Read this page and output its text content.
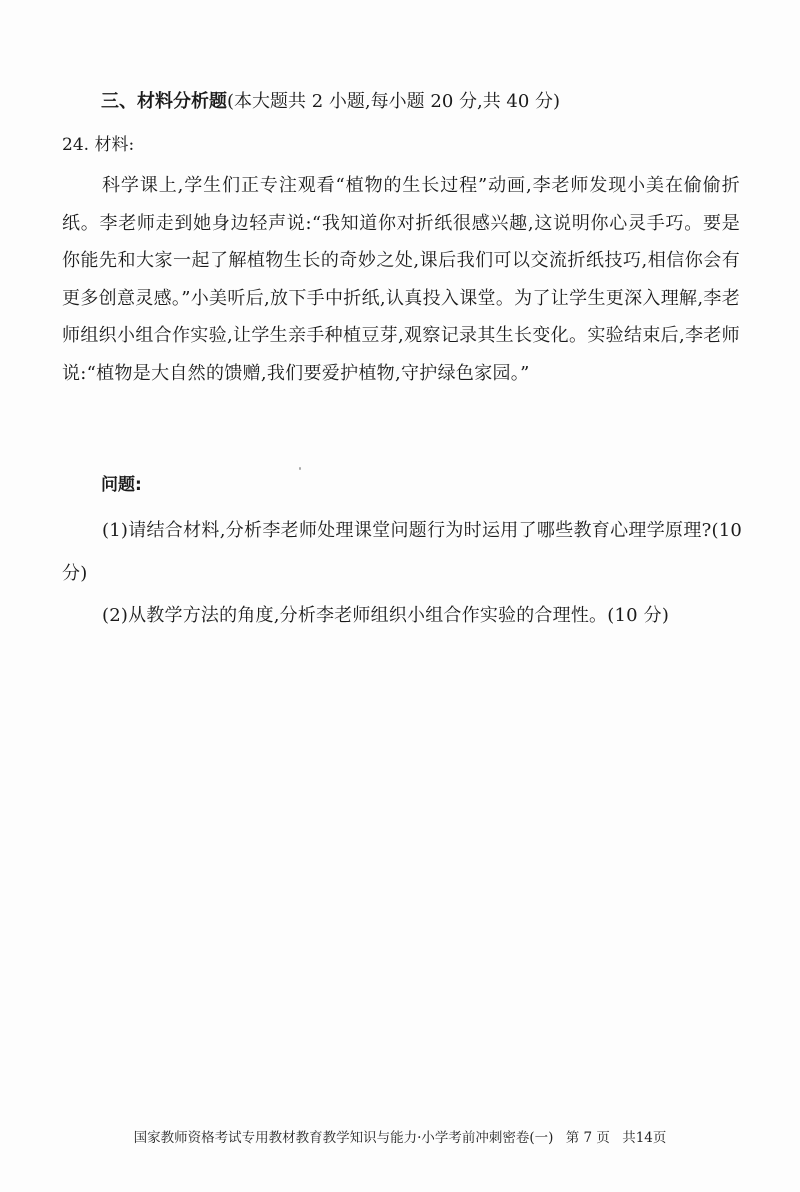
三、材料分析题(本大题共 2 小题,每小题 20 分,共 40 分)
24. 材料:
科学课上,学生们正专注观看“植物的生长过程”动画,李老师发现小美在偷偷折纸。李老师走到她身边轻声说:“我知道你对折纸很感兴趣,这说明你心灵手巧。要是你能先和大家一起了解植物生长的奇妙之处,课后我们可以交流折纸技巧,相信你会有更多创意灵感。”小美听后,放下手中折纸,认真投入课堂。为了让学生更深入理解,李老师组织小组合作实验,让学生亲手种植豆芽,观察记录其生长变化。实验结束后,李老师说:“植物是大自然的馈赠,我们要爱护植物,守护绿色家园。”
问题:
(1)请结合材料,分析李老师处理课堂问题行为时运用了哪些教育心理学原理?(10 分)
(2)从教学方法的角度,分析李老师组织小组合作实验的合理性。(10 分)
国家教师资格考试专用教材教育教学知识与能力·小学考前冲刺密卷(一) 第 7 页 共14页
